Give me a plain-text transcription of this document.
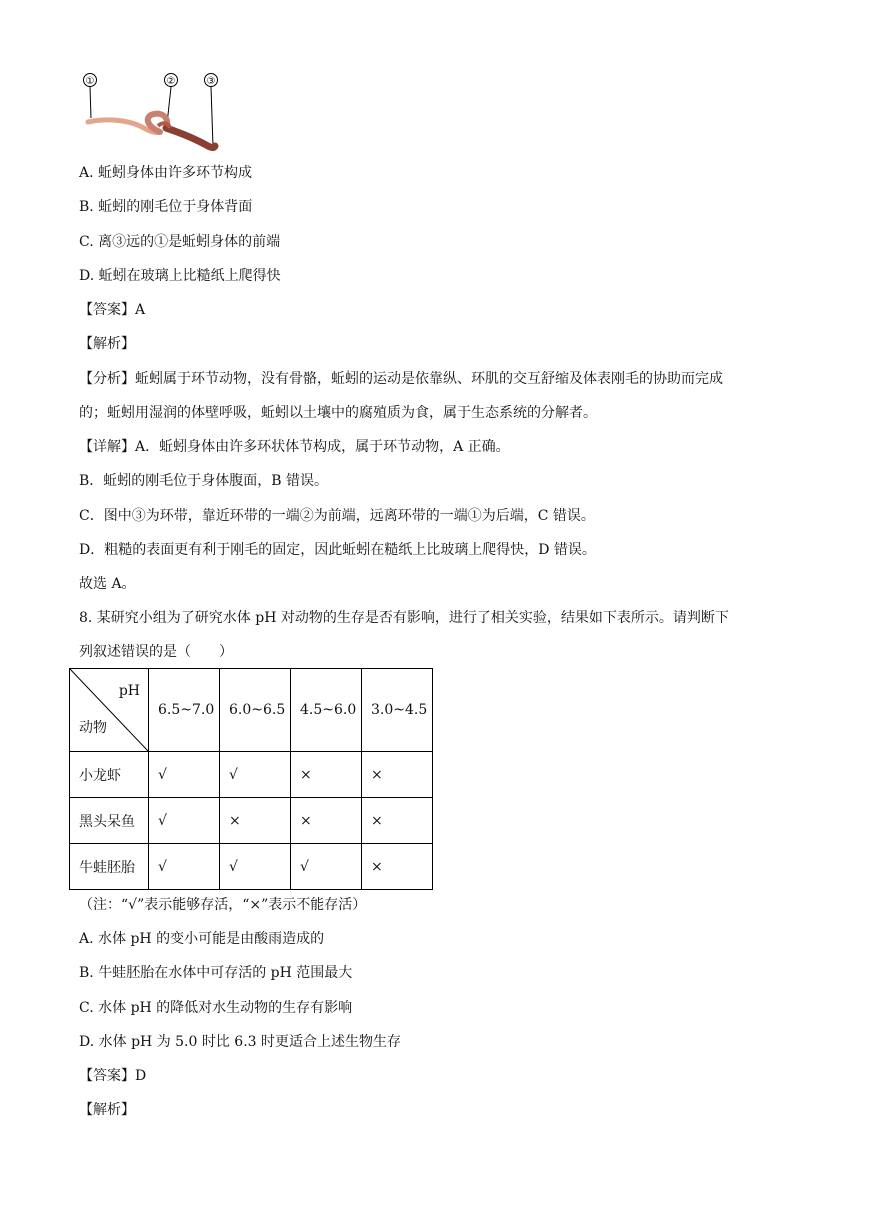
①	②	③
A. 蚯蚓身体由许多环节构成
B. 蚯蚓的刚毛位于身体背面
C. 离③远的①是蚯蚓身体的前端
D. 蚯蚓在玻璃上比糙纸上爬得快
【答案】A
【解析】
【分析】蚯蚓属于环节动物，没有骨骼，蚯蚓的运动是依靠纵、环肌的交互舒缩及体表刚毛的协助而完成
的；蚯蚓用湿润的体壁呼吸，蚯蚓以土壤中的腐殖质为食，属于生态系统的分解者。
【详解】A．蚯蚓身体由许多环状体节构成，属于环节动物，A 正确。
B．蚯蚓的刚毛位于身体腹面，B 错误。
C．图中③为环带，靠近环带的一端②为前端，远离环带的一端①为后端，C 错误。
D．粗糙的表面更有利于刚毛的固定，因此蚯蚓在糙纸上比玻璃上爬得快，D 错误。
故选 A。
8. 某研究小组为了研究水体 pH 对动物的生存是否有影响，进行了相关实验，结果如下表所示。请判断下
列叙述错误的是（　　）
pH
动物	6.5~7.0	6.0~6.5	4.5~6.0	3.0~4.5

小龙虾	√	√	×	×

黑头呆鱼	√	×	×	×

牛蛙胚胎	√	√	√	×
（注：“√”表示能够存活，“×”表示不能存活）
A. 水体 pH 的变小可能是由酸雨造成的
B. 牛蛙胚胎在水体中可存活的 pH 范围最大
C. 水体 pH 的降低对水生动物的生存有影响
D. 水体 pH 为 5.0 时比 6.3 时更适合上述生物生存
【答案】D
【解析】
